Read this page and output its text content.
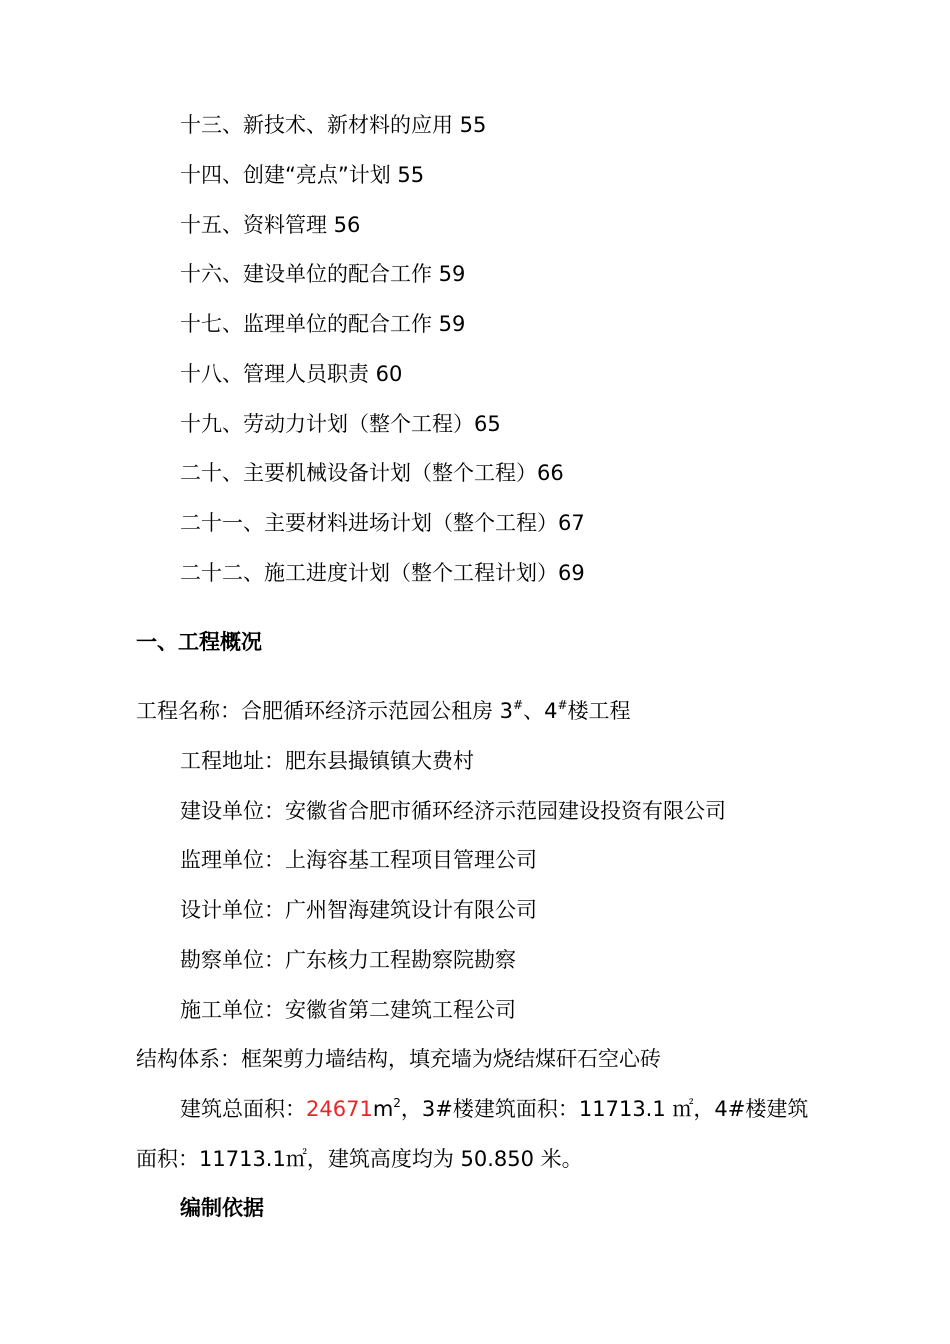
十三、新技术、新材料的应用 55
十四、创建“亮点”计划 55
十五、资料管理 56
十六、建设单位的配合工作 59
十七、监理单位的配合工作 59
十八、管理人员职责 60
十九、劳动力计划（整个工程）65
二十、主要机械设备计划（整个工程）66
二十一、主要材料进场计划（整个工程）67
二十二、施工进度计划（整个工程计划）69
一、工程概况
工程名称：合肥循环经济示范园公租房 3#、4#楼工程
工程地址：肥东县撮镇镇大费村
建设单位：安徽省合肥市循环经济示范园建设投资有限公司
监理单位：上海容基工程项目管理公司
设计单位：广州智海建筑设计有限公司
勘察单位：广东核力工程勘察院勘察
施工单位：安徽省第二建筑工程公司
结构体系：框架剪力墙结构，填充墙为烧结煤矸石空心砖
建筑总面积：$24671m^2$，3#楼建筑面积：11713.1 ㎡，4#楼建筑
面积：11713.1㎡，建筑高度均为 50.850 米。
编制依据
